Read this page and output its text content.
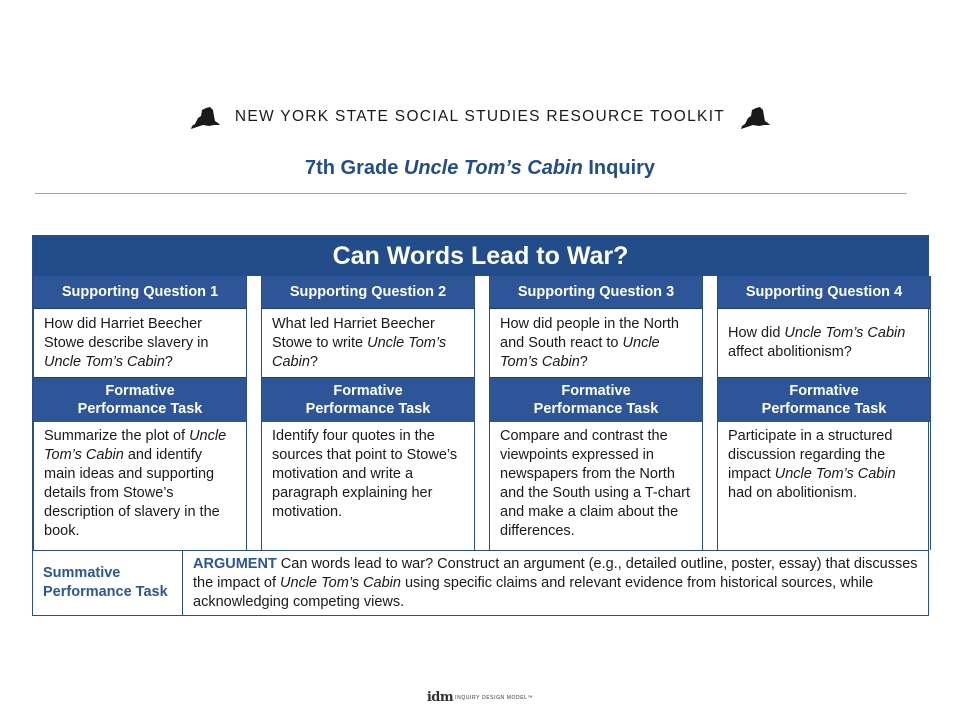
NEW YORK STATE SOCIAL STUDIES RESOURCE TOOLKIT
7th Grade Uncle Tom’s Cabin Inquiry
Can Words Lead to War?
Supporting Question 1
How did Harriet Beecher Stowe describe slavery in Uncle Tom’s Cabin?
Formative
Performance Task
Summarize the plot of Uncle Tom’s Cabin and identify main ideas and supporting details from Stowe’s description of slavery in the book.
Supporting Question 2
What led Harriet Beecher Stowe to write Uncle Tom’s Cabin?
Formative
Performance Task
Identify four quotes in the sources that point to Stowe’s motivation and write a paragraph explaining her motivation.
Supporting Question 3
How did people in the North and South react to Uncle Tom’s Cabin?
Formative
Performance Task
Compare and contrast the viewpoints expressed in newspapers from the North and the South using a T-chart and make a claim about the differences.
Supporting Question 4
How did Uncle Tom’s Cabin affect abolitionism?
Formative
Performance Task
Participate in a structured discussion regarding the impact Uncle Tom’s Cabin had on abolitionism.
Summative Performance Task
ARGUMENT Can words lead to war? Construct an argument (e.g., detailed outline, poster, essay) that discusses the impact of Uncle Tom’s Cabin using specific claims and relevant evidence from historical sources, while acknowledging competing views.
idm INQUIRY DESIGN MODEL™
